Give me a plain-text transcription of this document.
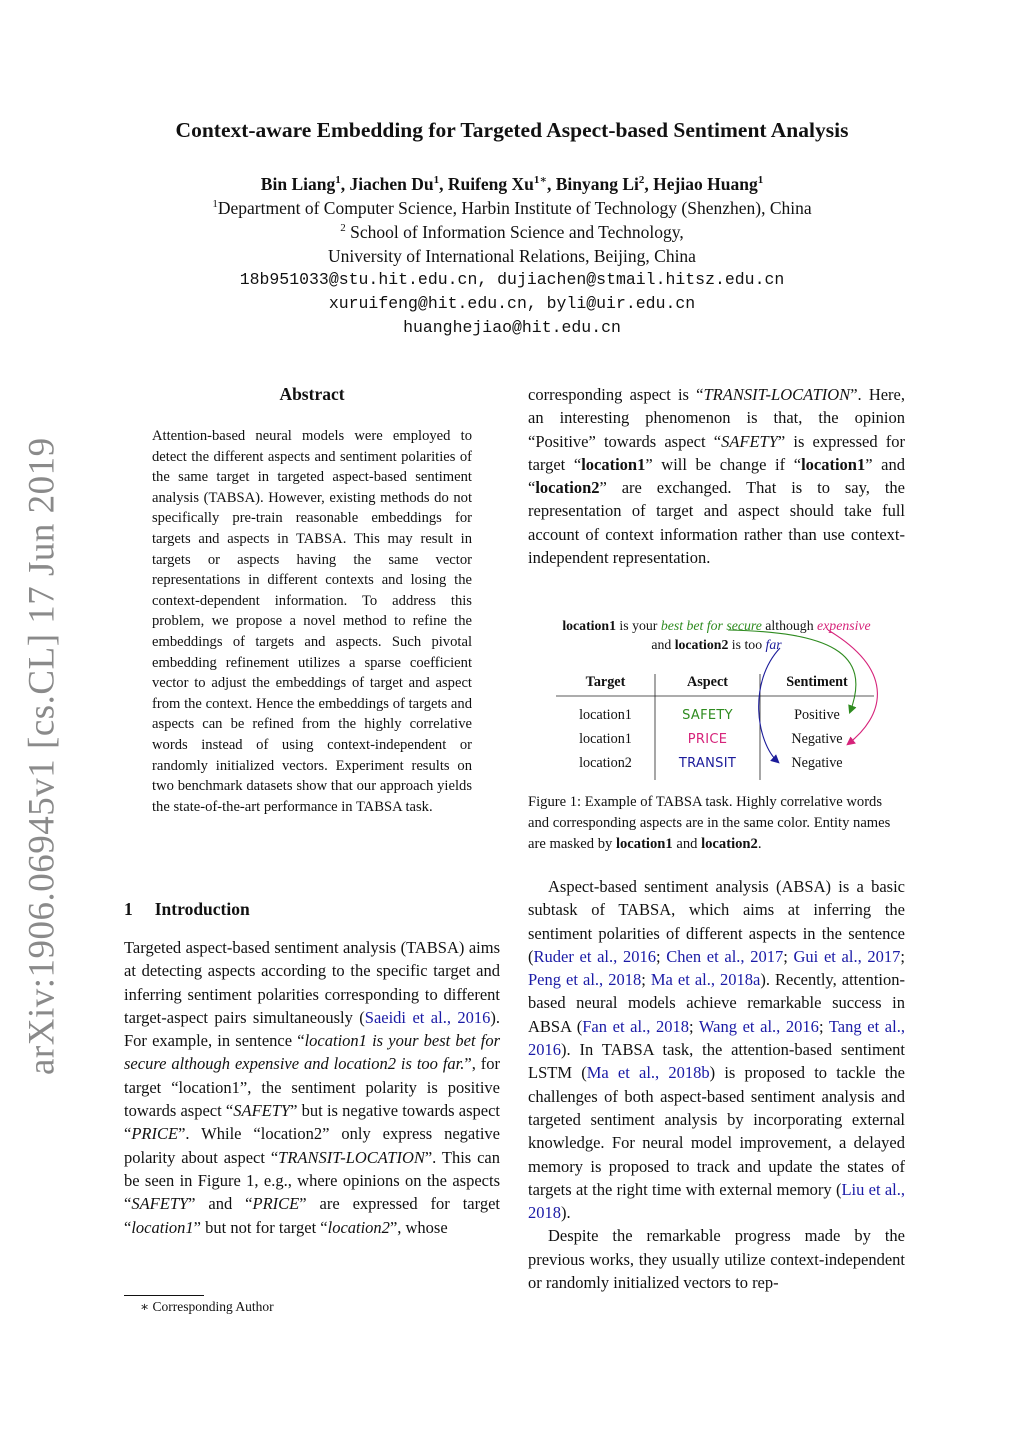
arXiv:1906.06945v1 [cs.CL] 17 Jun 2019
Context-aware Embedding for Targeted Aspect-based Sentiment Analysis
Bin Liang$^1$, Jiachen Du$^1$, Ruifeng $Xu^{1∗}$, Binyang Li$^2$, Hejiao Huang$^1$
$^1$Department of Computer Science, Harbin Institute of Technology (Shenzhen), China
$^2$ School of Information Science and Technology,
University of International Relations, Beijing, China
18b951033@stu.hit.edu.cn, dujiachen@stmail.hitsz.edu.cn
xuruifeng@hit.edu.cn, byli@uir.edu.cn
huanghejiao@hit.edu.cn
Abstract
Attention-based neural models were employed to detect the different aspects and sentiment polarities of the same target in targeted aspect-based sentiment analysis (TABSA). However, existing methods do not specifically pre-train reasonable embeddings for targets and aspects in TABSA. This may result in targets or aspects having the same vector representations in different contexts and losing the context-dependent information. To address this problem, we propose a novel method to refine the embeddings of targets and aspects. Such pivotal embedding refinement utilizes a sparse coefficient vector to adjust the embeddings of target and aspect from the context. Hence the embeddings of targets and aspects can be refined from the highly correlative words instead of using context-independent or randomly initialized vectors. Experiment results on two benchmark datasets show that our approach yields the state-of-the-art performance in TABSA task.
1 Introduction

Targeted aspect-based sentiment analysis (TABSA) aims at detecting aspects according to the specific target and inferring sentiment polarities corresponding to different target-aspect pairs simultaneously (Saeidi et al., 2016). For example, in sentence “location1 is your best bet for secure although expensive and location2 is too far.”, for target “location1”, the sentiment polarity is positive towards aspect “SAFETY” but is negative towards aspect “PRICE”. While “location2” only express negative polarity about aspect “TRANSIT-LOCATION”. This can be seen in Figure 1, e.g., where opinions on the aspects “SAFETY” and “PRICE” are expressed for target “location1” but not for target “location2”, whose

∗ Corresponding Author

corresponding aspect is “TRANSIT-LOCATION”. Here, an interesting phenomenon is that, the opinion “Positive” towards aspect “SAFETY” is expressed for target “location1” will be change if “location1” and “location2” are exchanged. That is to say, the representation of target and aspect should take full account of context information rather than use context-independent representation.

location1 is your best bet for secure although expensive
and location2 is too far
Target	Aspect	Sentiment
location1	SAFETY	Positive
location1	PRICE	Negative
location2	TRANSIT	Negative
Figure 1: Example of TABSA task. Highly correlative words and corresponding aspects are in the same color. Entity names are masked by location1 and location2.

Aspect-based sentiment analysis (ABSA) is a basic subtask of TABSA, which aims at inferring the sentiment polarities of different aspects in the sentence (Ruder et al., 2016; Chen et al., 2017; Gui et al., 2017; Peng et al., 2018; Ma et al., 2018a). Recently, attention-based neural models achieve remarkable success in ABSA (Fan et al., 2018; Wang et al., 2016; Tang et al., 2016). In TABSA task, the attention-based sentiment LSTM (Ma et al., 2018b) is proposed to tackle the challenges of both aspect-based sentiment analysis and targeted sentiment analysis by incorporating external knowledge. For neural model improvement, a delayed memory is proposed to track and update the states of targets at the right time with external memory (Liu et al., 2018).

Despite the remarkable progress made by the previous works, they usually utilize context-independent or randomly initialized vectors to rep-
